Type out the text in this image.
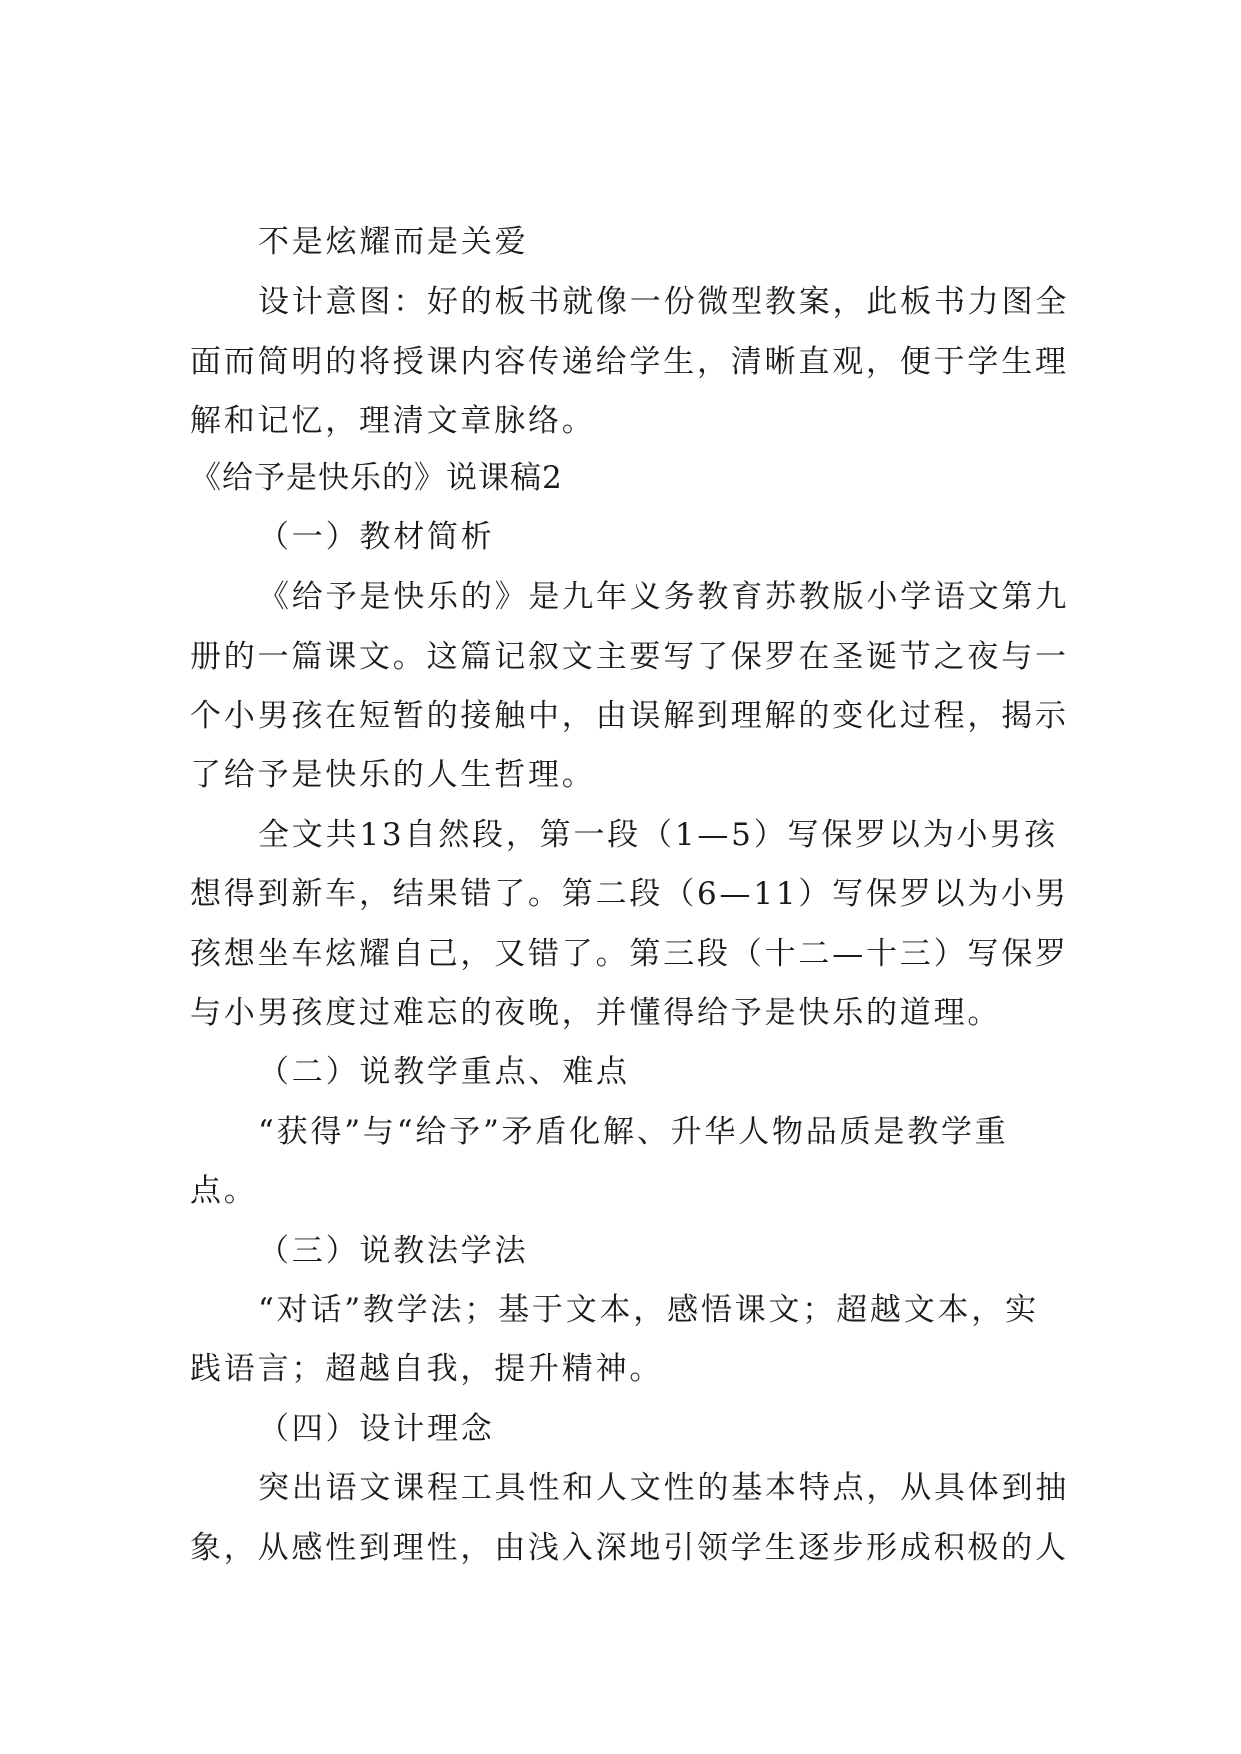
不是炫耀而是关爱
设计意图：好的板书就像一份微型教案，此板书力图全
面而简明的将授课内容传递给学生，清晰直观，便于学生理
解和记忆，理清文章脉络。
《给予是快乐的》说课稿2
（一）教材简析
《给予是快乐的》是九年义务教育苏教版小学语文第九
册的一篇课文。这篇记叙文主要写了保罗在圣诞节之夜与一
个小男孩在短暂的接触中，由误解到理解的变化过程，揭示
了给予是快乐的人生哲理。
全文共13自然段，第一段（1—5）写保罗以为小男孩
想得到新车，结果错了。第二段（6—11）写保罗以为小男
孩想坐车炫耀自己，又错了。第三段（十二—十三）写保罗
与小男孩度过难忘的夜晚，并懂得给予是快乐的道理。
（二）说教学重点、难点
“获得”与“给予”矛盾化解、升华人物品质是教学重
点。
（三）说教法学法
“对话”教学法；基于文本，感悟课文；超越文本，实
践语言；超越自我，提升精神。
（四）设计理念
突出语文课程工具性和人文性的基本特点，从具体到抽
象，从感性到理性，由浅入深地引领学生逐步形成积极的人
